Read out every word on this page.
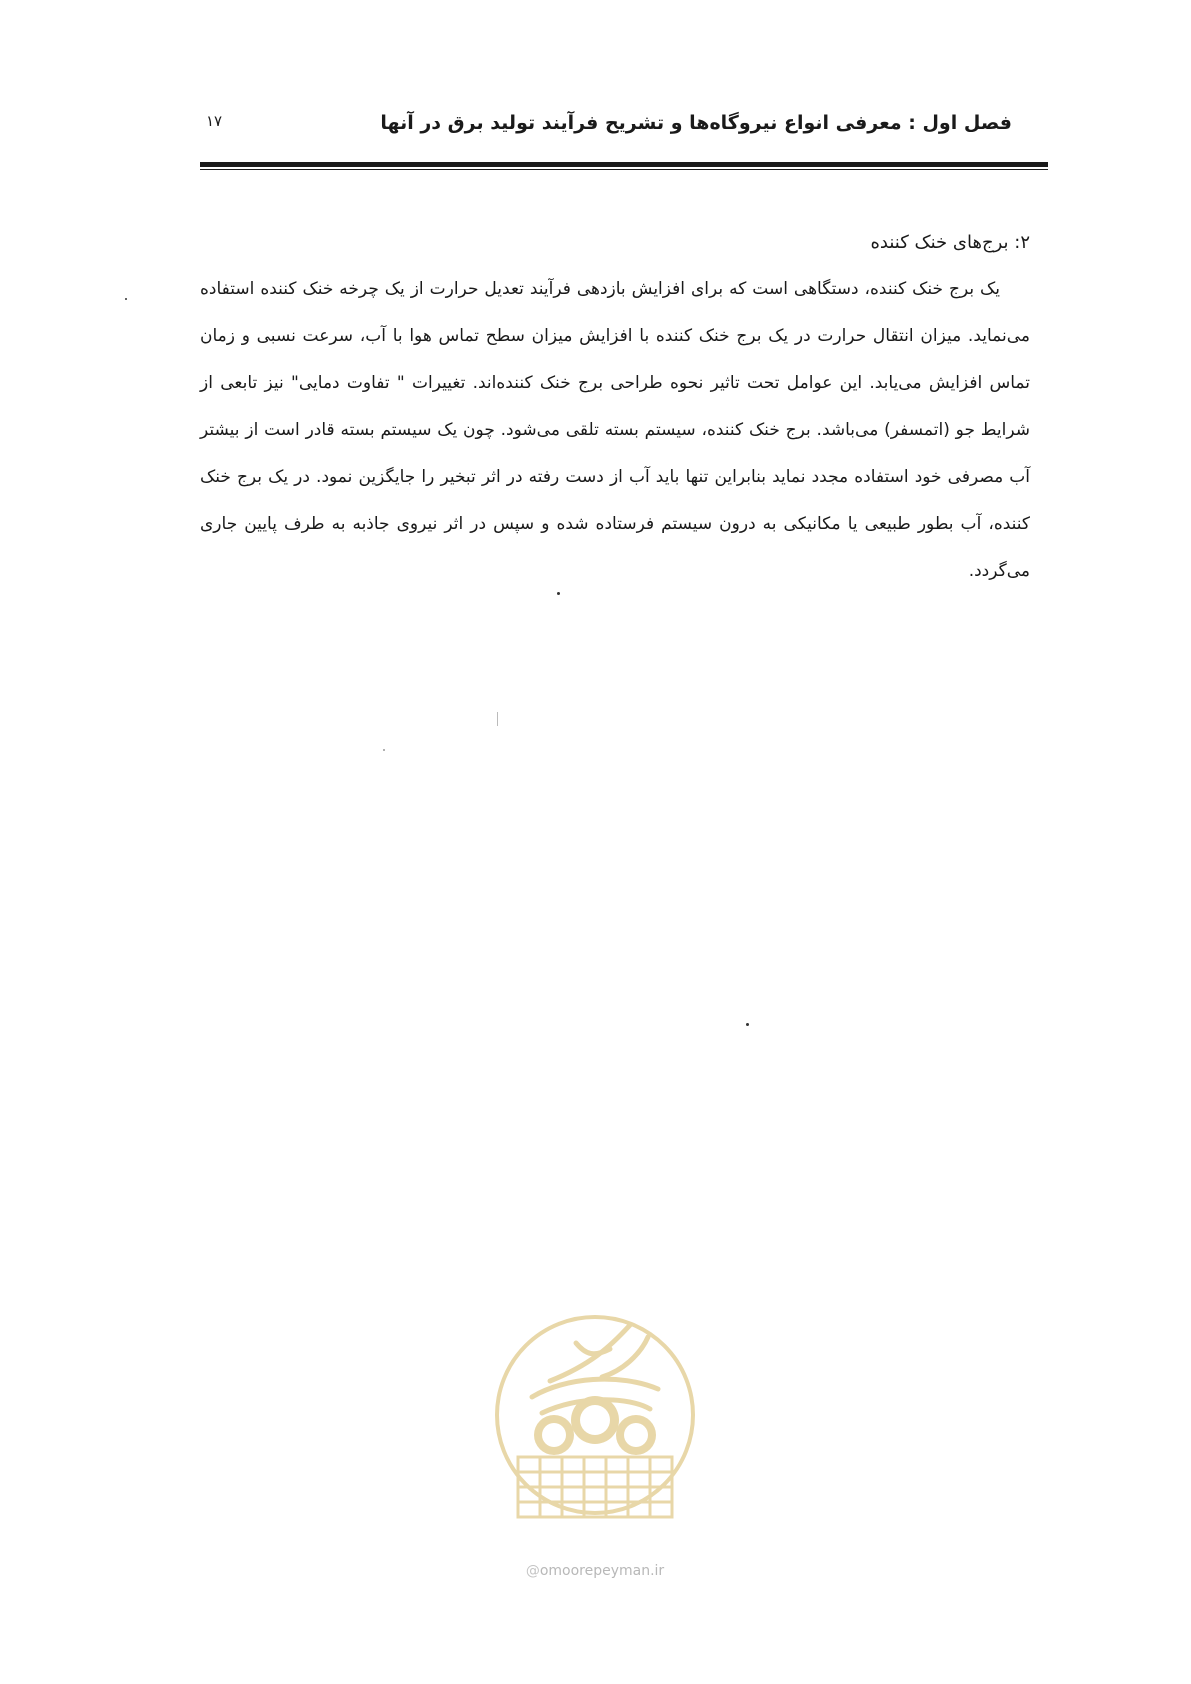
فصل اول : معرفی انواع نیروگاه‌ها و تشریح فرآیند تولید برق در آنها
۱۷
۲: برج‌های خنک کننده

یک برج خنک کننده، دستگاهی است که برای افزایش بازدهی فرآیند تعدیل حرارت از یک چرخه خنک کننده استفاده می‌نماید. میزان انتقال حرارت در یک برج خنک کننده با افزایش میزان سطح تماس هوا با آب، سرعت نسبی و زمان تماس افزایش می‌یابد. این عوامل تحت تاثیر نحوه طراحی برج خنک کننده‌اند. تغییرات " تفاوت دمایی" نیز تابعی از شرایط جو (اتمسفر) می‌باشد. برج خنک کننده، سیستم بسته تلقی می‌شود. چون یک سیستم بسته قادر است از بیشتر آب مصرفی خود استفاده مجدد نماید بنابراین تنها باید آب از دست رفته در اثر تبخیر را جایگزین نمود. در یک برج خنک کننده، آب بطور طبیعی یا مکانیکی به درون سیستم فرستاده شده و سپس در اثر نیروی جاذبه به طرف پایین جاری می‌گردد.

@omoorepeyman.ir
